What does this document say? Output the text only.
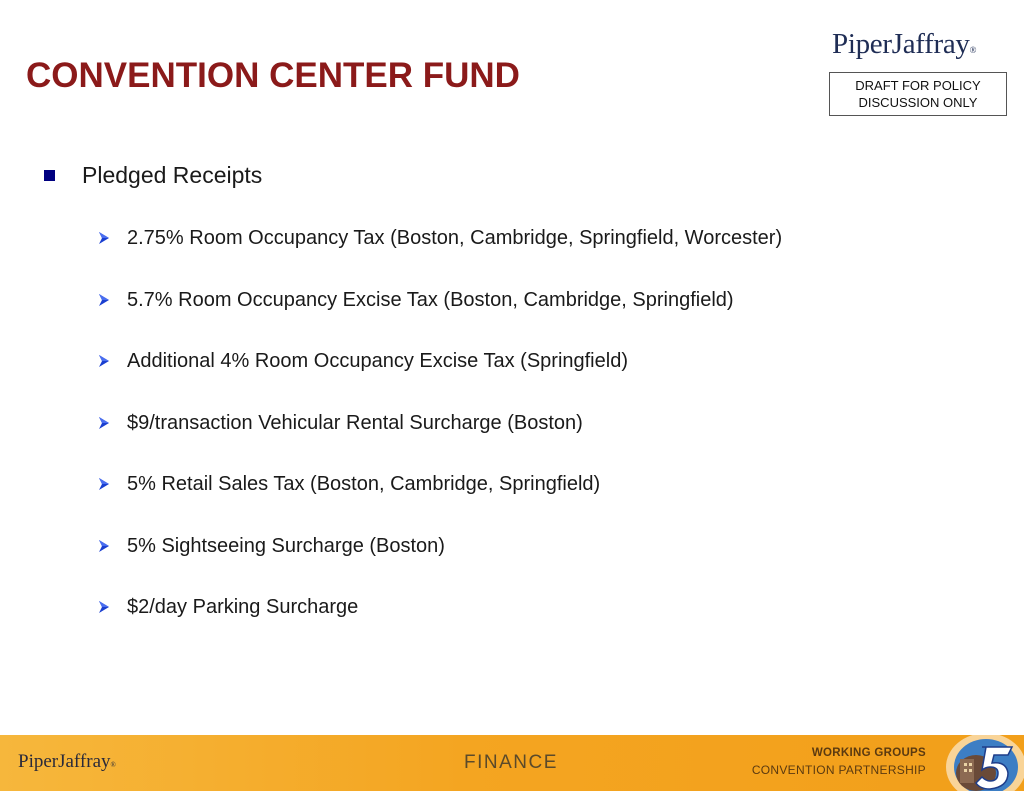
CONVENTION CENTER FUND
PiperJaffray®
DRAFT FOR POLICY
DISCUSSION ONLY
Pledged Receipts
2.75% Room Occupancy Tax (Boston, Cambridge, Springfield, Worcester)
5.7% Room Occupancy Excise Tax (Boston, Cambridge, Springfield)
Additional 4% Room Occupancy Excise Tax (Springfield)
$9/transaction Vehicular Rental Surcharge (Boston)
5% Retail Sales Tax (Boston, Cambridge, Springfield)
5% Sightseeing Surcharge (Boston)
$2/day Parking Surcharge
PiperJaffray®	FINANCE	WORKING GROUPS
CONVENTION PARTNERSHIP
